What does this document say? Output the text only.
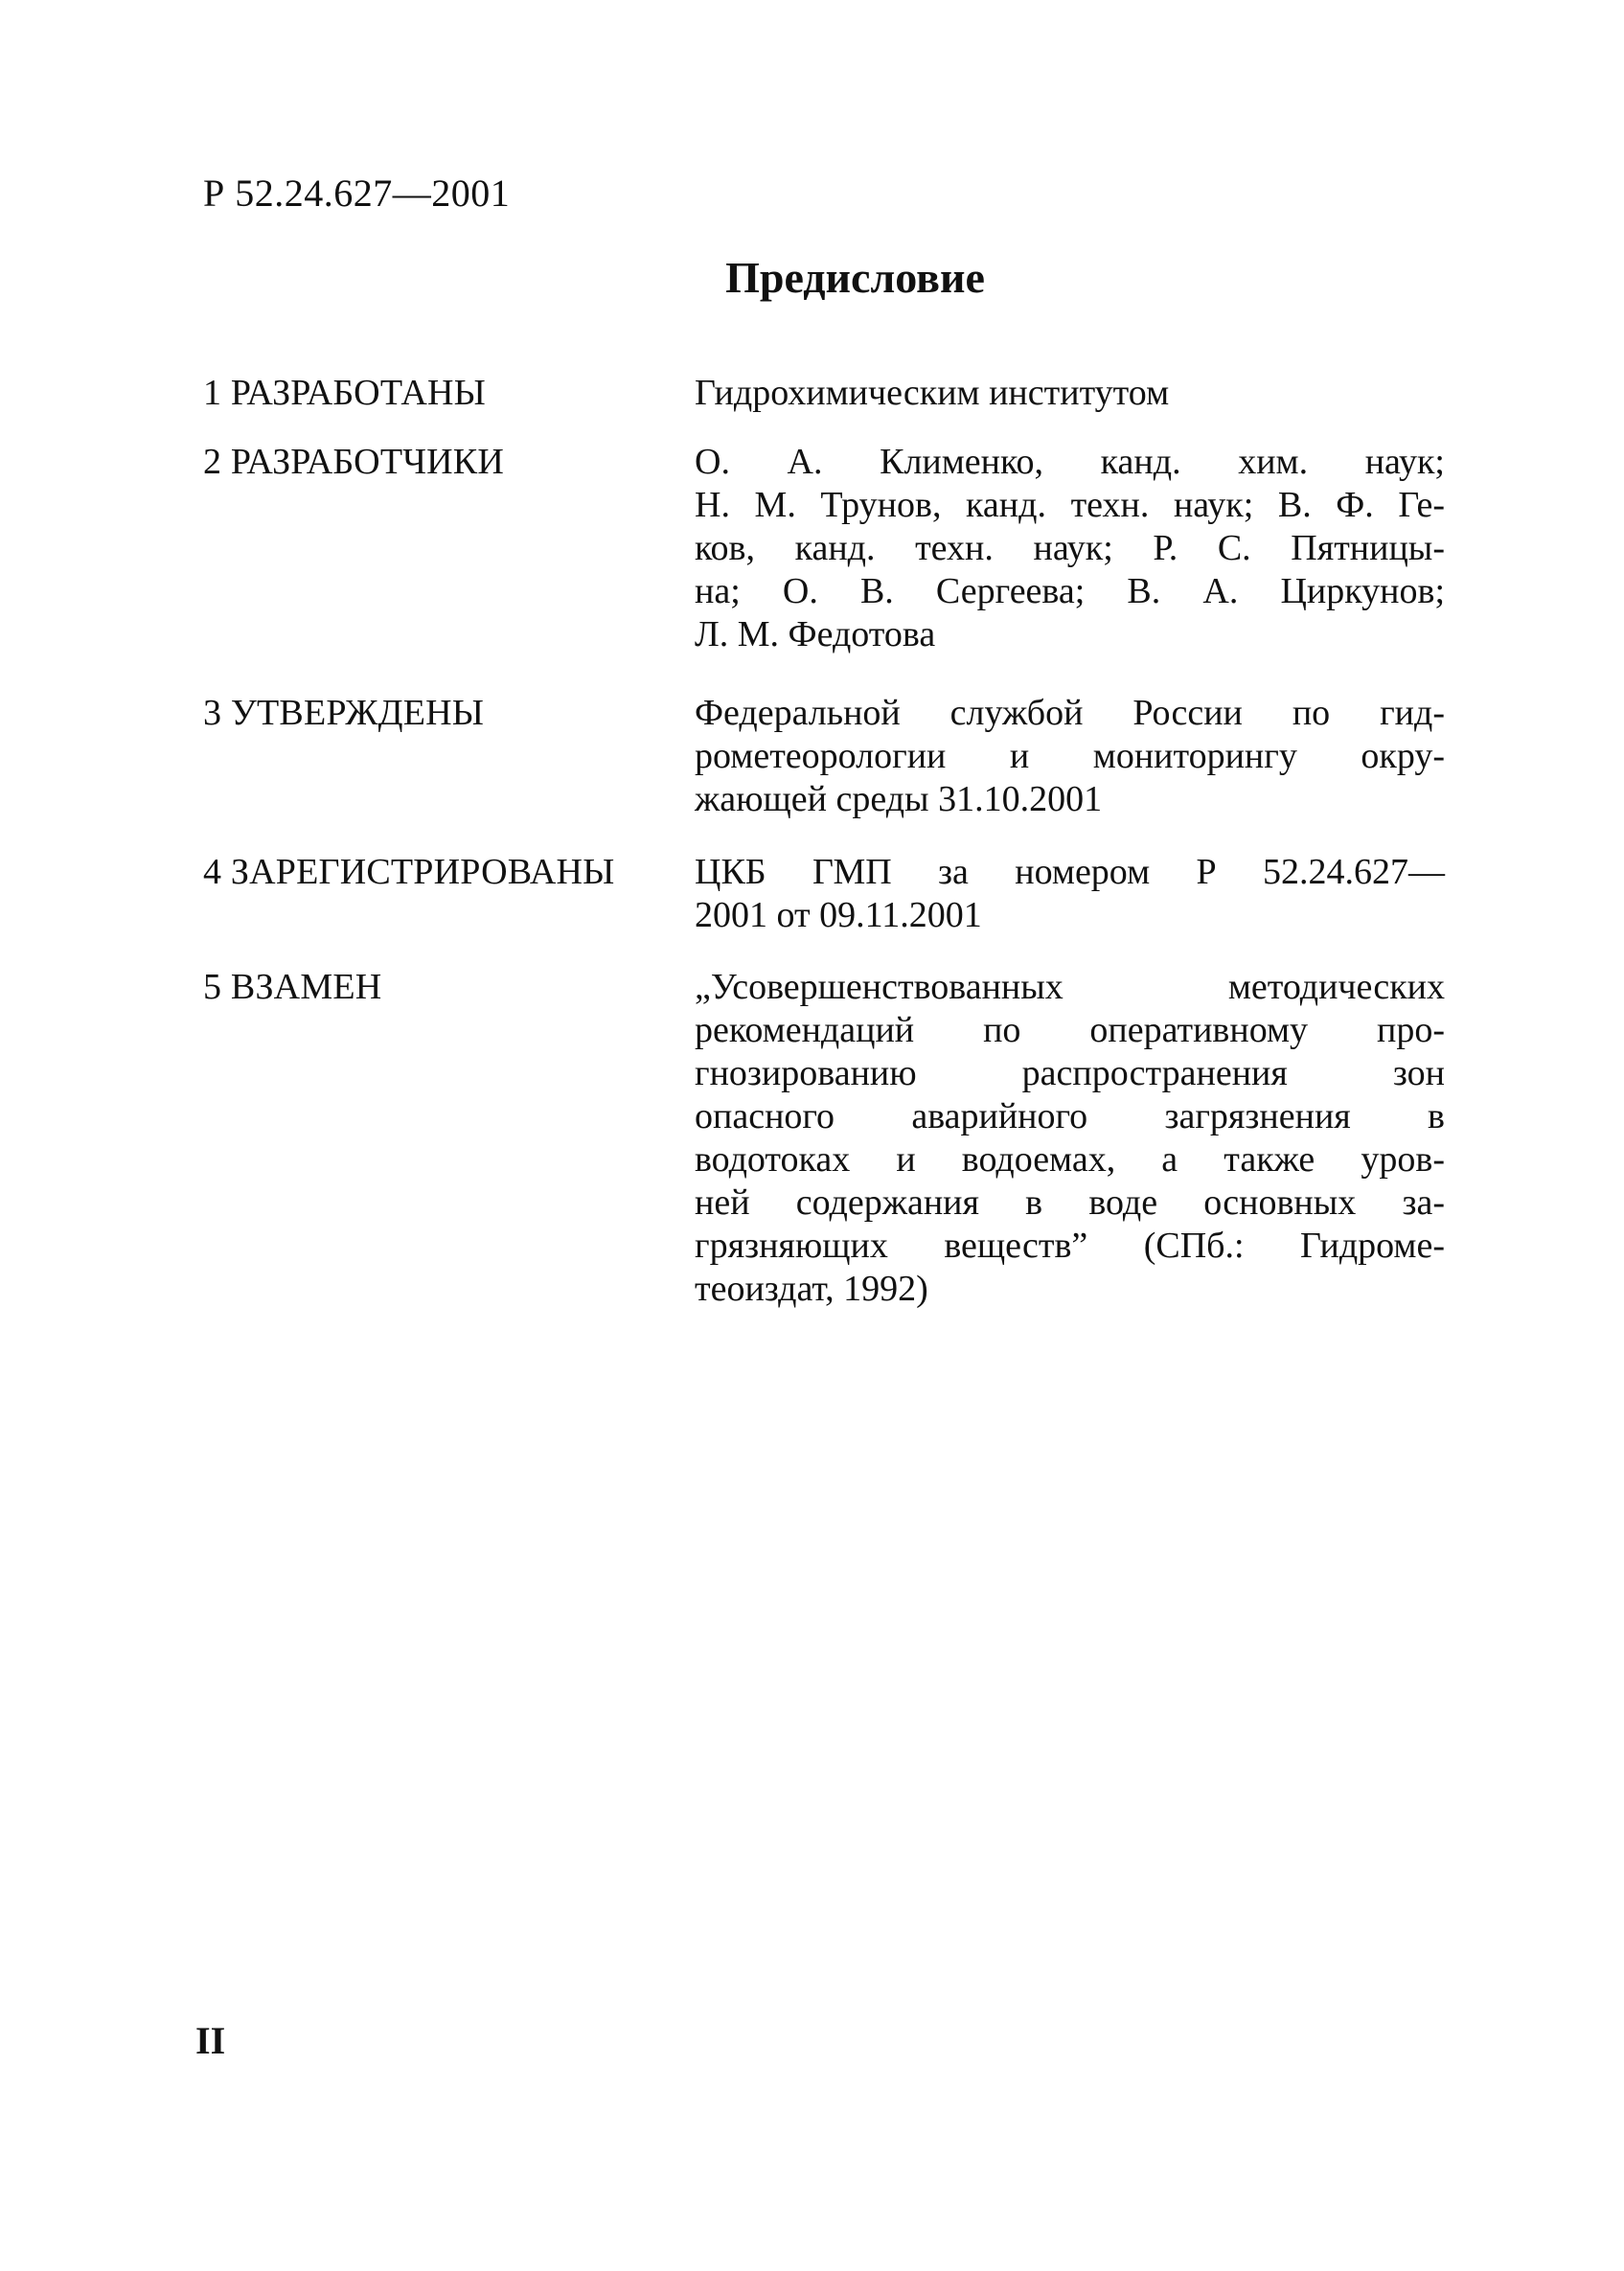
Р 52.24.627—2001
Предисловие
1 РАЗРАБОТАНЫ	Гидрохимическим институтом
2 РАЗРАБОТЧИКИ	О. А. Клименко, канд. хим. наук;
Н. М. Трунов, канд. техн. наук; В. Ф. Ге-
ков, канд. техн. наук; Р. С. Пятницы-
на; О. В. Сергеева; В. А. Циркунов;
Л. М. Федотова
3 УТВЕРЖДЕНЫ	Федеральной службой России по гид-
рометеорологии и мониторингу окру-
жающей среды 31.10.2001
4 ЗАРЕГИСТРИРОВАНЫ	ЦКБ ГМП за номером Р 52.24.627—
2001 от 09.11.2001
5 ВЗАМЕН	„Усовершенствованных методических
рекомендаций по оперативному про-
гнозированию распространения зон
опасного аварийного загрязнения в
водотоках и водоемах, а также уров-
ней содержания в воде основных за-
грязняющих веществ” (СПб.: Гидроме-
теоиздат, 1992)
II
